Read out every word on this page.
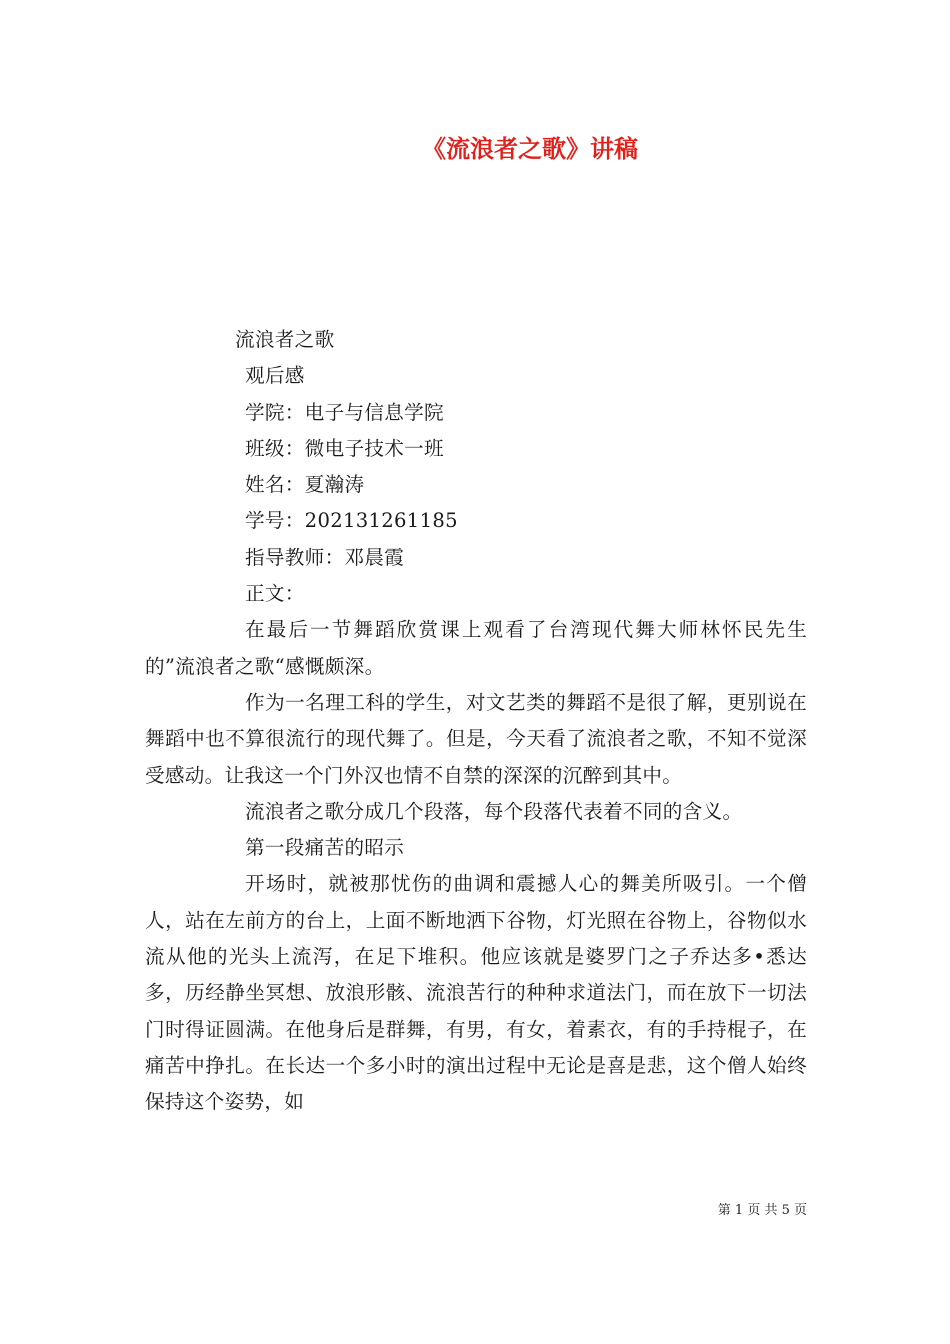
《流浪者之歌》讲稿
流浪者之歌
观后感
学院：电子与信息学院
班级：微电子技术一班
姓名：夏瀚涛
学号：202131261185
指导教师：邓晨霞
正文：

在最后一节舞蹈欣赏课上观看了台湾现代舞大师林怀民先生的”流浪者之歌“感慨颇深。

作为一名理工科的学生，对文艺类的舞蹈不是很了解，更别说在舞蹈中也不算很流行的现代舞了。但是，今天看了流浪者之歌，不知不觉深受感动。让我这一个门外汉也情不自禁的深深的沉醉到其中。

流浪者之歌分成几个段落，每个段落代表着不同的含义。

第一段痛苦的昭示

开场时，就被那忧伤的曲调和震撼人心的舞美所吸引。一个僧人，站在左前方的台上，上面不断地洒下谷物，灯光照在谷物上，谷物似水流从他的光头上流泻，在足下堆积。他应该就是婆罗门之子乔达多•悉达多，历经静坐冥想、放浪形骸、流浪苦行的种种求道法门，而在放下一切法门时得证圆满。在他身后是群舞，有男，有女，着素衣，有的手持棍子，在痛苦中挣扎。在长达一个多小时的演出过程中无论是喜是悲，这个僧人始终保持这个姿势，如

第 1 页 共 5 页
